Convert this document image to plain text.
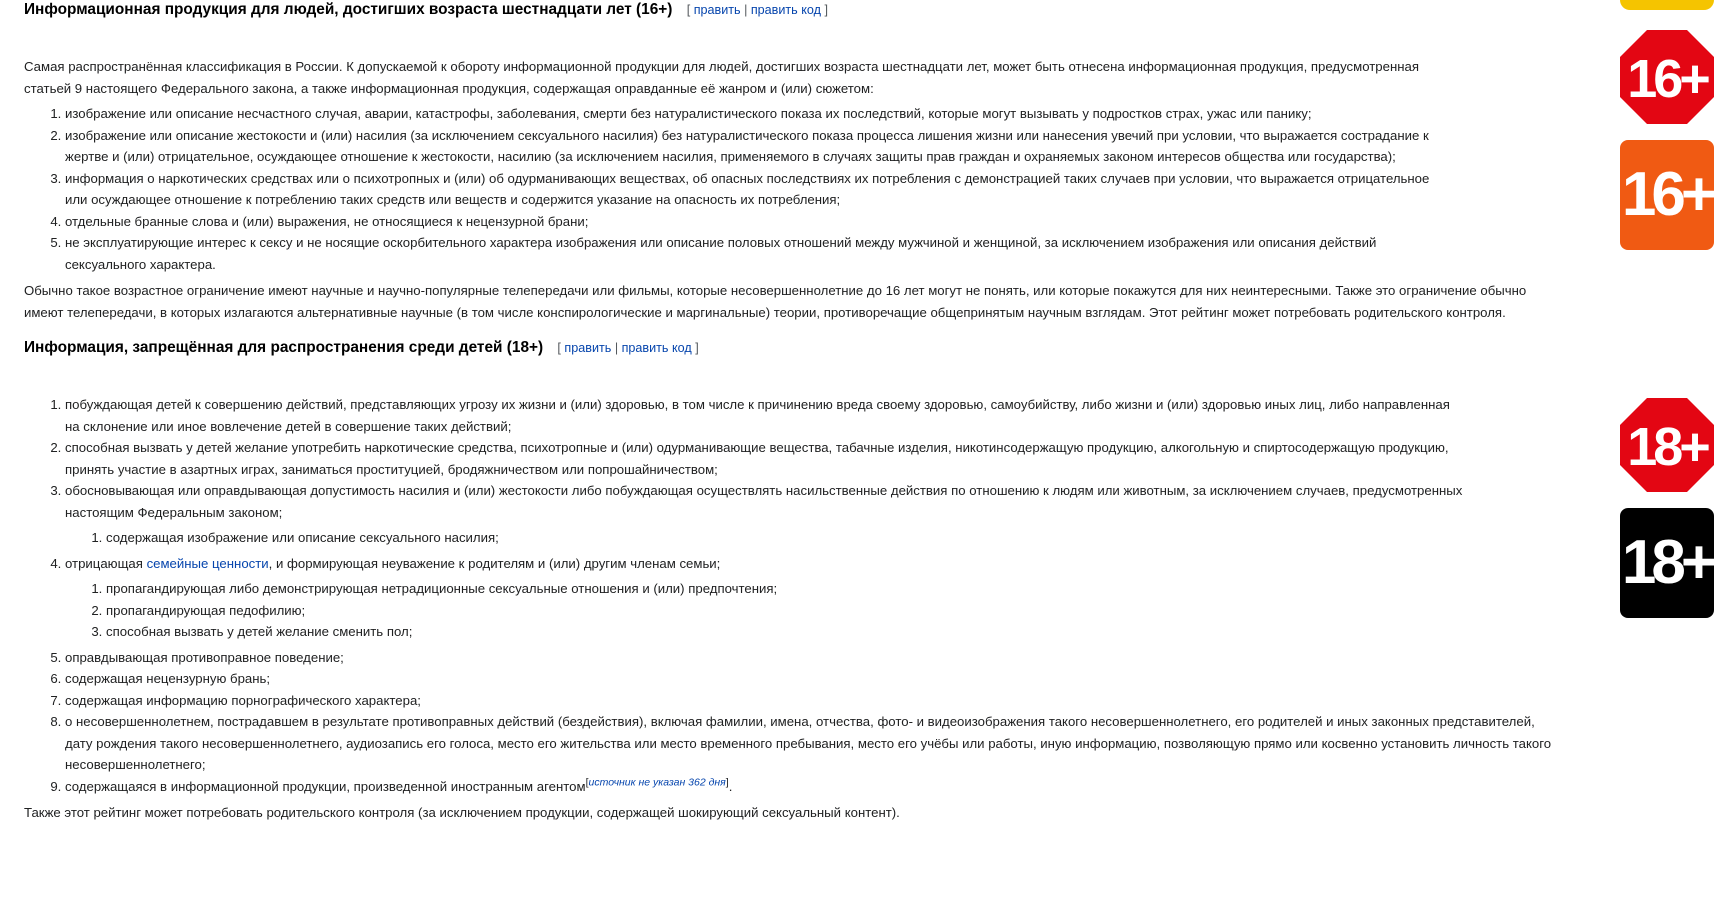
Информационная продукция для людей, достигших возраста шестнадцати лет (16+) [ править | править код ]

Самая распространённая классификация в России. К допускаемой к обороту информационной продукции для людей, достигших возраста шестнадцати лет, может быть отнесена информационная продукция, предусмотренная статьей 9 настоящего Федерального закона, а также информационная продукция, содержащая оправданные её жанром и (или) сюжетом:

1. изображение или описание несчастного случая, аварии, катастрофы, заболевания, смерти без натуралистического показа их последствий, которые могут вызывать у подростков страх, ужас или панику;
2. изображение или описание жестокости и (или) насилия (за исключением сексуального насилия) без натуралистического показа процесса лишения жизни или нанесения увечий при условии, что выражается сострадание к жертве и (или) отрицательное, осуждающее отношение к жестокости, насилию (за исключением насилия, применяемого в случаях защиты прав граждан и охраняемых законом интересов общества или государства);
3. информация о наркотических средствах или о психотропных и (или) об одурманивающих веществах, об опасных последствиях их потребления с демонстрацией таких случаев при условии, что выражается отрицательное или осуждающее отношение к потреблению таких средств или веществ и содержится указание на опасность их потребления;
4. отдельные бранные слова и (или) выражения, не относящиеся к нецензурной брани;
5. не эксплуатирующие интерес к сексу и не носящие оскорбительного характера изображения или описание половых отношений между мужчиной и женщиной, за исключением изображения или описания действий сексуального характера.

Обычно такое возрастное ограничение имеют научные и научно-популярные телепередачи или фильмы, которые несовершеннолетние до 16 лет могут не понять, или которые покажутся для них неинтересными. Также это ограничение обычно имеют телепередачи, в которых излагаются альтернативные научные (в том числе конспирологические и маргинальные) теории, противоречащие общепринятым научным взглядам. Этот рейтинг может потребовать родительского контроля.

Информация, запрещённая для распространения среди детей (18+) [ править | править код ]
1. побуждающая детей к совершению действий, представляющих угрозу их жизни и (или) здоровью, в том числе к причинению вреда своему здоровью, самоубийству, либо жизни и (или) здоровью иных лиц, либо направленная на склонение или иное вовлечение детей в совершение таких действий;
2. способная вызвать у детей желание употребить наркотические средства, психотропные и (или) одурманивающие вещества, табачные изделия, никотинсодержащую продукцию, алкогольную и спиртосодержащую продукцию, принять участие в азартных играх, заниматься проституцией, бродяжничеством или попрошайничеством;
3. обосновывающая или оправдывающая допустимость насилия и (или) жестокости либо побуждающая осуществлять насильственные действия по отношению к людям или животным, за исключением случаев, предусмотренных настоящим Федеральным законом;
1. содержащая изображение или описание сексуального насилия;
4. отрицающая семейные ценности, и формирующая неуважение к родителям и (или) другим членам семьи;
1. пропагандирующая либо демонстрирующая нетрадиционные сексуальные отношения и (или) предпочтения;
2. пропагандирующая педофилию;
3. способная вызвать у детей желание сменить пол;
5. оправдывающая противоправное поведение;
6. содержащая нецензурную брань;
7. содержащая информацию порнографического характера;
8. о несовершеннолетнем, пострадавшем в результате противоправных действий (бездействия), включая фамилии, имена, отчества, фото- и видеоизображения такого несовершеннолетнего, его родителей и иных законных представителей, дату рождения такого несовершеннолетнего, аудиозапись его голоса, место его жительства или место временного пребывания, место его учёбы или работы, иную информацию, позволяющую прямо или косвенно установить личность такого несовершеннолетнего;
9. содержащаяся в информационной продукции, произведенной иностранным агентом[источник не указан 362 дня].

Также этот рейтинг может потребовать родительского контроля (за исключением продукции, содержащей шокирующий сексуальный контент).

16+
16+
18+
18+
